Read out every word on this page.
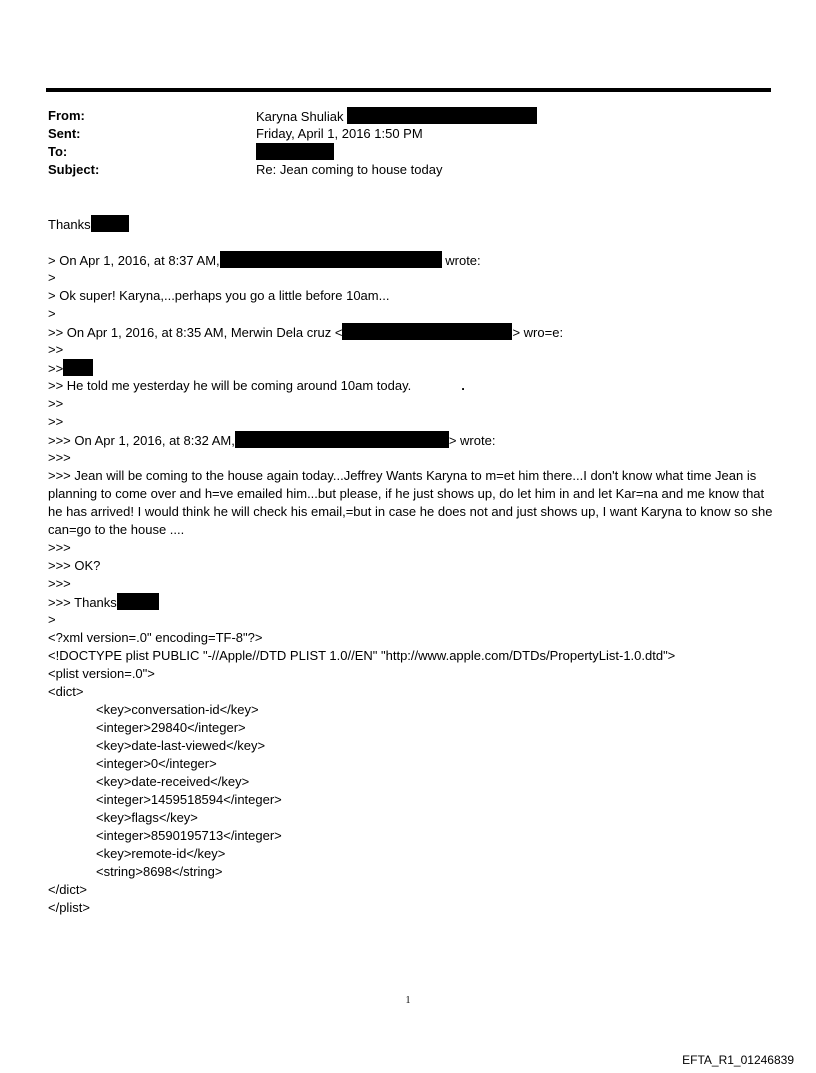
From:	Karyna Shuliak
Sent:	Friday, April 1, 2016 1:50 PM
To:
Subject:	Re: Jean coming to house today
Thanks
> On Apr 1, 2016, at 8:37 AM,	wrote:
>
> Ok super! Karyna,...perhaps you go a little before 10am...
>
>> On Apr 1, 2016, at 8:35 AM, Merwin Dela cruz <	> wro=e:
>>
>>
>> He told me yesterday he will be coming around 10am today.	.
>>
>>
>>> On Apr 1, 2016, at 8:32 AM,	> wrote:
>>>
>>> Jean will be coming to the house again today...Jeffrey Wants Karyna to m=et him there...I don't know what time Jean is planning to come over and h=ve emailed him...but please, if he just shows up, do let him in and let Kar=na and me know that he has arrived! I would think he will check his email,=but in case he does not and just shows up, I want Karyna to know so she can=go to the house ....
>>>
>>> OK?
>>>
>>> Thanks
>
<?xml version=.0" encoding=TF-8"?>
<!DOCTYPE plist PUBLIC "-//Apple//DTD PLIST 1.0//EN" "http://www.apple.com/DTDs/PropertyList-1.0.dtd">
<plist version=.0">
<dict>
<key>conversation-id</key>
<integer>29840</integer>
<key>date-last-viewed</key>
<integer>0</integer>
<key>date-received</key>
<integer>1459518594</integer>
<key>flags</key>
<integer>8590195713</integer>
<key>remote-id</key>
<string>8698</string>
</dict>
</plist>
1
EFTA_R1_01246839
